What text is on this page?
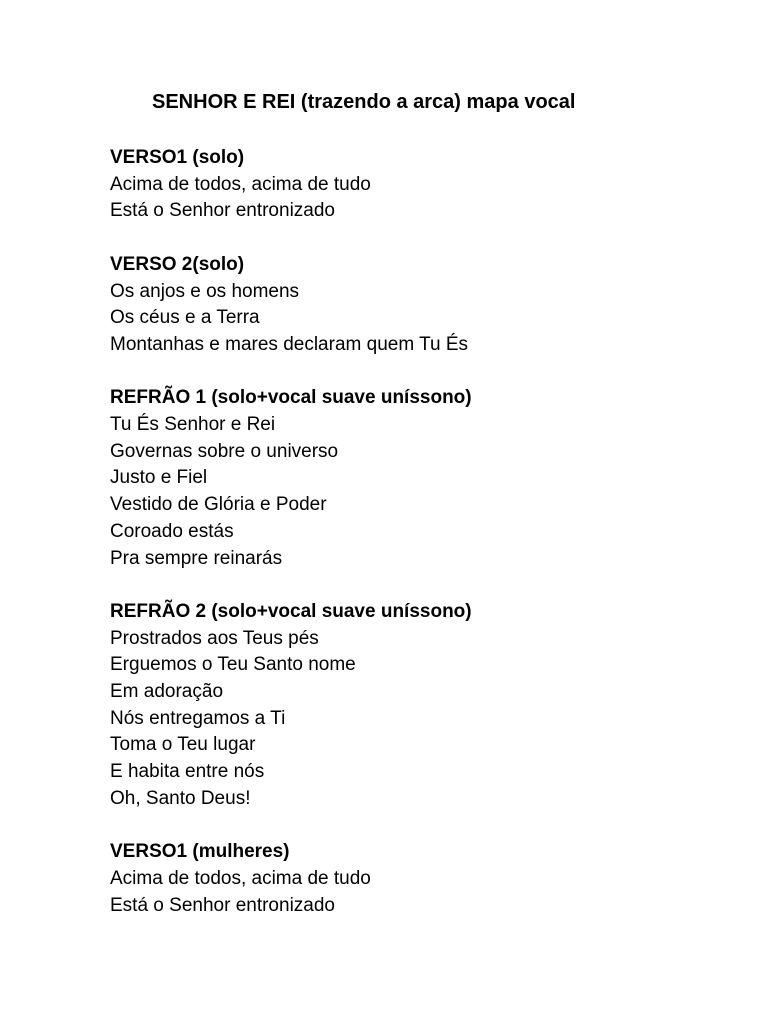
SENHOR E REI (trazendo a arca) mapa vocal
VERSO1 (solo)
Acima de todos, acima de tudo
Está o Senhor entronizado
VERSO 2(solo)
Os anjos e os homens
Os céus e a Terra
Montanhas e mares declaram quem Tu És
REFRÃO 1 (solo+vocal suave uníssono)
Tu És Senhor e Rei
Governas sobre o universo
Justo e Fiel
Vestido de Glória e Poder
Coroado estás
Pra sempre reinarás
REFRÃO 2 (solo+vocal suave uníssono)
Prostrados aos Teus pés
Erguemos o Teu Santo nome
Em adoração
Nós entregamos a Ti
Toma o Teu lugar
E habita entre nós
Oh, Santo Deus!
VERSO1 (mulheres)
Acima de todos, acima de tudo
Está o Senhor entronizado
